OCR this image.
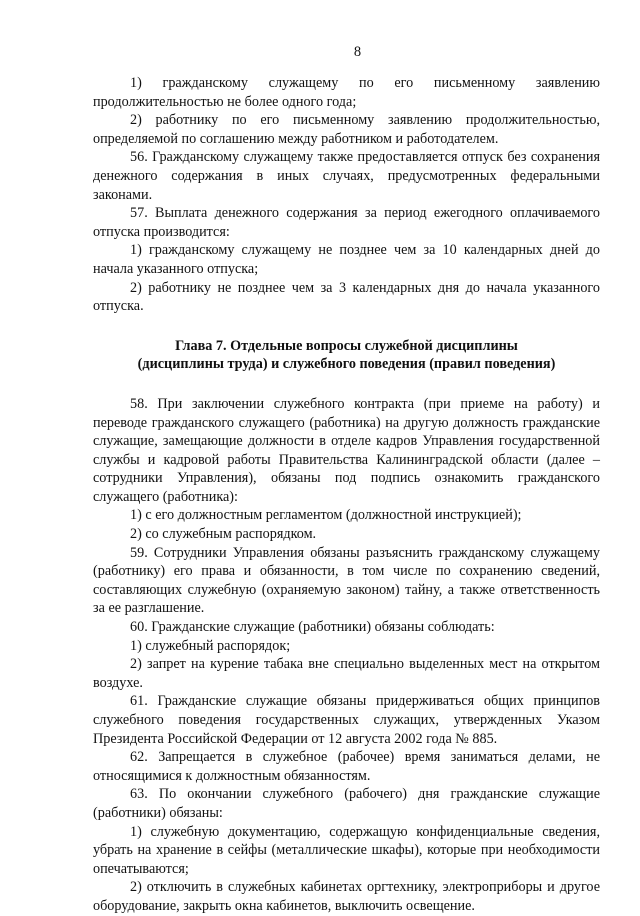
8

1) гражданскому служащему по его письменному заявлению продолжительностью не более одного года;

2) работнику по его письменному заявлению продолжительностью, определяемой по соглашению между работником и работодателем.

56. Гражданскому служащему также предоставляется отпуск без сохранения денежного содержания в иных случаях, предусмотренных федеральными законами.

57. Выплата денежного содержания за период ежегодного оплачиваемого отпуска производится:

1) гражданскому служащему не позднее чем за 10 календарных дней до начала указанного отпуска;

2) работнику не позднее чем за 3 календарных дня до начала указанного отпуска.

Глава 7. Отдельные вопросы служебной дисциплины
(дисциплины труда) и служебного поведения (правил поведения)

58. При заключении служебного контракта (при приеме на работу) и переводе гражданского служащего (работника) на другую должность гражданские служащие, замещающие должности в отделе кадров Управления государственной службы и кадровой работы Правительства Калининградской области (далее – сотрудники Управления), обязаны под подпись ознакомить гражданского служащего (работника):

1) с его должностным регламентом (должностной инструкцией);

2) со служебным распорядком.

59. Сотрудники Управления обязаны разъяснить гражданскому служащему (работнику) его права и обязанности, в том числе по сохранению сведений, составляющих служебную (охраняемую законом) тайну, а также ответственность за ее разглашение.

60. Гражданские служащие (работники) обязаны соблюдать:

1) служебный распорядок;

2) запрет на курение табака вне специально выделенных мест на открытом воздухе.

61. Гражданские служащие обязаны придерживаться общих принципов служебного поведения государственных служащих, утвержденных Указом Президента Российской Федерации от 12 августа 2002 года № 885.

62. Запрещается в служебное (рабочее) время заниматься делами, не относящимися к должностным обязанностям.

63. По окончании служебного (рабочего) дня гражданские служащие (работники) обязаны:

1) служебную документацию, содержащую конфиденциальные сведения, убрать на хранение в сейфы (металлические шкафы), которые при необходимости опечатываются;

2) отключить в служебных кабинетах оргтехнику, электроприборы и другое оборудование, закрыть окна кабинетов, выключить освещение.
